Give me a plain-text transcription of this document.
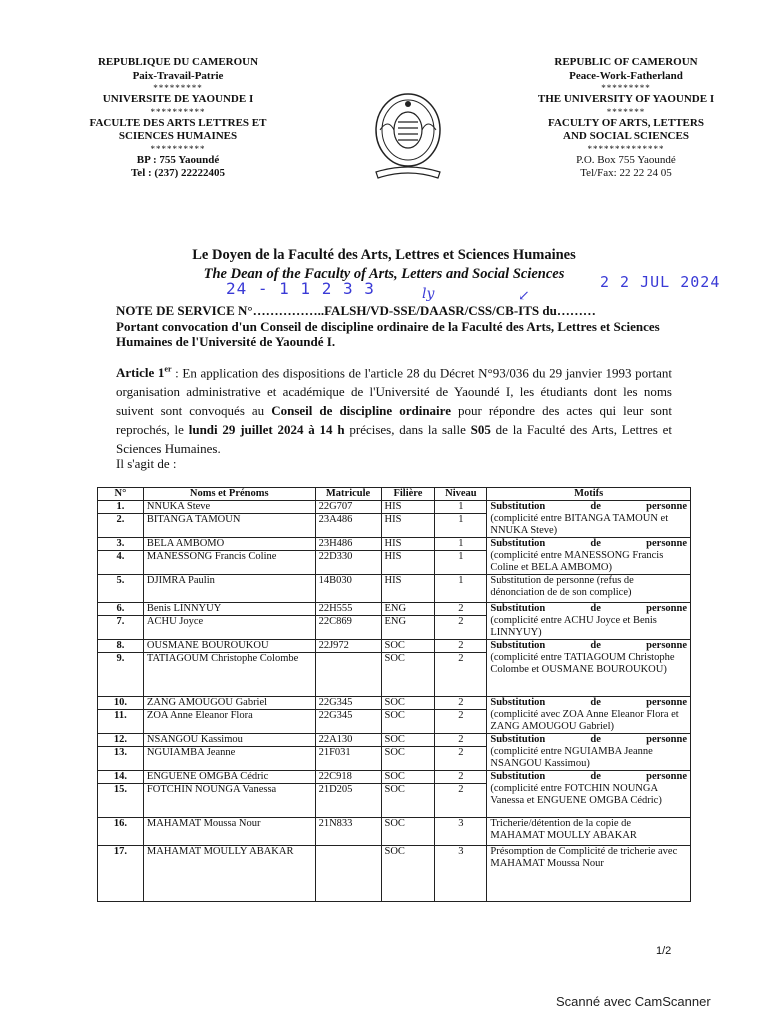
REPUBLIQUE DU CAMEROUN
Paix-Travail-Patrie
*********
UNIVERSITE DE YAOUNDE I
**********
FACULTE DES ARTS LETTRES ET
SCIENCES HUMAINES
**********
BP : 755 Yaoundé
Tel : (237) 22222405
REPUBLIC OF CAMEROUN
Peace-Work-Fatherland
*********
THE UNIVERSITY OF YAOUNDE I
*******
FACULTY OF ARTS, LETTERS
AND SOCIAL SCIENCES
**************
P.O. Box 755 Yaoundé
Tel/Fax: 22 22 24 05
Le Doyen de la Faculté des Arts, Lettres et Sciences Humaines
The Dean of the Faculty of Arts, Letters and Social Sciences
24 - 1 1 2 3 3	2 2 JUL 2024
ly	↙
NOTE DE SERVICE N°……………..FALSH/VD-SSE/DAASR/CSS/CB-ITS du………
Portant convocation d'un Conseil de discipline ordinaire de la Faculté des Arts, Lettres et Sciences Humaines de l'Université de Yaoundé I.
Article 1er : En application des dispositions de l'article 28 du Décret N°93/036 du 29 janvier 1993 portant organisation administrative et académique de l'Université de Yaoundé I, les étudiants dont les noms suivent sont convoqués au Conseil de discipline ordinaire pour répondre des actes qui leur sont reprochés, le lundi 29 juillet 2024 à 14 h précises, dans la salle S05 de la Faculté des Arts, Lettres et Sciences Humaines.
Il s'agit de :
N°	Noms et Prénoms	Matricule	Filière	Niveau	Motifs
1.	NNUKA Steve	22G707	HIS	1	Substitution de personne
(complicité entre BITANGA TAMOUN et NNUKA Steve)
2.	BITANGA TAMOUN	23A486	HIS	1	
3.	BELA AMBOMO	23H486	HIS	1	Substitution de personne
(complicité entre MANESSONG Francis Coline et BELA AMBOMO)
4.	MANESSONG Francis Coline	22D330	HIS	1	
5.	DJIMRA Paulin	14B030	HIS	1	Substitution de personne (refus de dénonciation de de son complice)
6.	Benis LINNYUY	22H555	ENG	2	Substitution de personne
(complicité entre ACHU Joyce et Benis LINNYUY)
7.	ACHU Joyce	22C869	ENG	2	
8.	OUSMANE BOUROUKOU	22J972	SOC	2	Substitution de personne
(complicité entre TATIAGOUM Christophe Colombe et OUSMANE BOUROUKOU)
9.	TATIAGOUM Christophe Colombe		SOC	2	
10.	ZANG AMOUGOU Gabriel	22G345	SOC	2	Substitution de personne
(complicité avec ZOA Anne Eleanor Flora et ZANG AMOUGOU Gabriel)
11.	ZOA Anne Eleanor Flora	22G345	SOC	2	
12.	NSANGOU Kassimou	22A130	SOC	2	Substitution de personne
(complicité entre NGUIAMBA Jeanne NSANGOU Kassimou)
13.	NGUIAMBA Jeanne	21F031	SOC	2	
14.	ENGUENE OMGBA Cédric	22C918	SOC	2	Substitution de personne
(complicité entre FOTCHIN NOUNGA Vanessa et ENGUENE OMGBA Cédric)
15.	FOTCHIN NOUNGA Vanessa	21D205	SOC	2	
16.	MAHAMAT Moussa Nour	21N833	SOC	3	Tricherie/détention de la copie de MAHAMAT MOULLY ABAKAR
17.	MAHAMAT MOULLY ABAKAR		SOC	3	Présomption de Complicité de tricherie avec MAHAMAT Moussa Nour
1/2
Scanné avec CamScanner
